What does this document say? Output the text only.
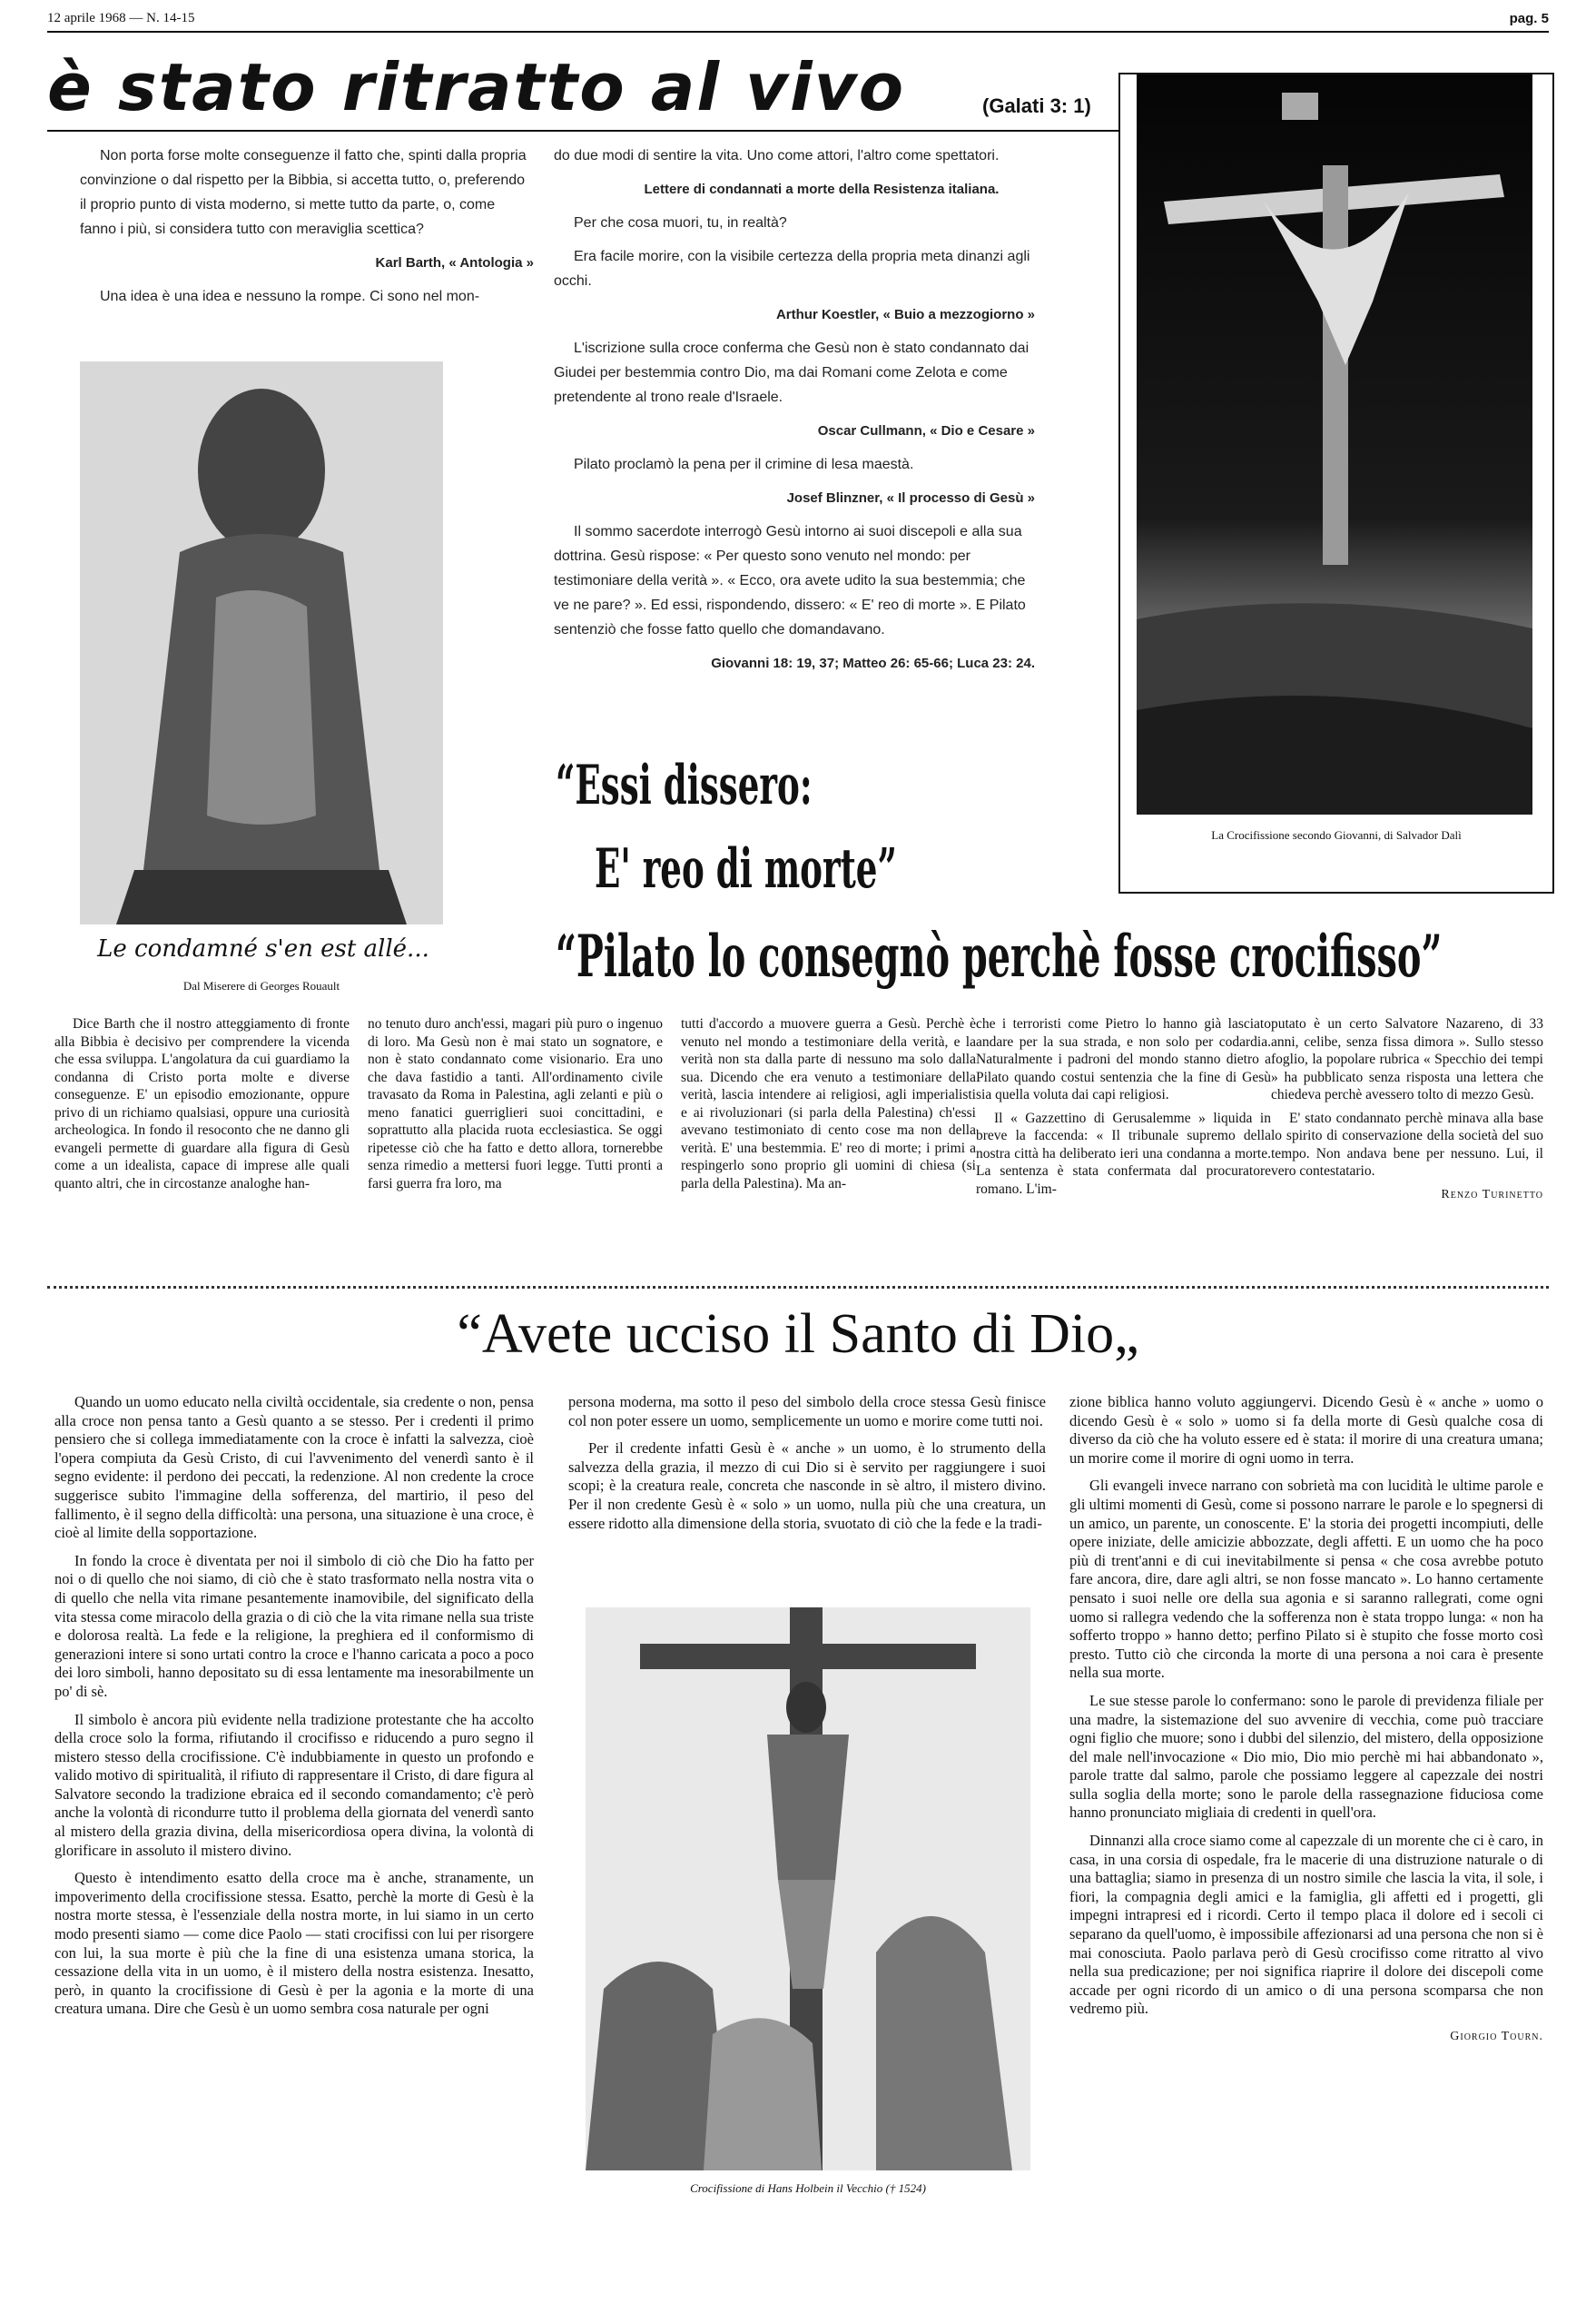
12 aprile 1968 — N. 14-15	pag. 5
è stato ritratto al vivo	(Galati 3: 1)

Non porta forse molte conseguenze il fatto che, spinti dalla propria convinzione o dal rispetto per la Bibbia, si accetta tutto, o, preferendo il proprio punto di vista moderno, si mette tutto da parte, o, come fanno i più, si considera tutto con meraviglia scettica?

Karl Barth, « Antologia »

Una idea è una idea e nessuno la rompe. Ci sono nel mon-

do due modi di sentire la vita. Uno come attori, l'altro come spettatori.

Lettere di condannati a morte della Resistenza italiana.

Per che cosa muori, tu, in realtà?

Era facile morire, con la visibile certezza della propria meta dinanzi agli occhi.

Arthur Koestler, « Buio a mezzogiorno »

L'iscrizione sulla croce conferma che Gesù non è stato condannato dai Giudei per bestemmia contro Dio, ma dai Romani come Zelota e come pretendente al trono reale d'Israele.

Oscar Cullmann, « Dio e Cesare »

Pilato proclamò la pena per il crimine di lesa maestà.

Josef Blinzner, « Il processo di Gesù »

Il sommo sacerdote interrogò Gesù intorno ai suoi discepoli e alla sua dottrina. Gesù rispose: « Per questo sono venuto nel mondo: per testimoniare della verità ». « Ecco, ora avete udito la sua bestemmia; che ve ne pare? ». Ed essi, rispondendo, dissero: « E' reo di morte ». E Pilato sentenziò che fosse fatto quello che domandavano.

Giovanni 18: 19, 37; Matteo 26: 65-66; Luca 23: 24.

Le condamné s'en est allé...
Dal Miserere di Georges Rouault
La Crocifissione secondo Giovanni, di Salvador Dalì
“Essi dissero:
E' reo di morte”
“Pilato lo consegnò perchè fosse crocifisso”

Dice Barth che il nostro atteggiamento di fronte alla Bibbia è decisivo per comprendere la vicenda che essa sviluppa. L'angolatura da cui guardiamo la condanna di Cristo porta molte e diverse conseguenze. E' un episodio emozionante, oppure privo di un richiamo qualsiasi, oppure una curiosità archeologica. In fondo il resoconto che ne danno gli evangeli permette di guardare alla figura di Gesù come a un idealista, capace di imprese alle quali quanto altri, che in circostanze analoghe han-

no tenuto duro anch'essi, magari più puro o ingenuo di loro. Ma Gesù non è mai stato un sognatore, e non è stato condannato come visionario. Era uno che dava fastidio a tanti. All'ordinamento civile travasato da Roma in Palestina, agli zelanti e più o meno fanatici guerriglieri suoi concittadini, e soprattutto alla placida ruota ecclesiastica. Se oggi ripetesse ciò che ha fatto e detto allora, tornerebbe senza rimedio a mettersi fuori legge. Tutti pronti a farsi guerra fra loro, ma

tutti d'accordo a muovere guerra a Gesù. Perchè è venuto nel mondo a testimoniare della verità, e la verità non sta dalla parte di nessuno ma solo dalla sua. Dicendo che era venuto a testimoniare della verità, lascia intendere ai religiosi, agli imperialisti e ai rivoluzionari (si parla della Palestina) ch'essi avevano testimoniato di cento cose ma non della verità. E' una bestemmia. E' reo di morte; i primi a respingerlo sono proprio gli uomini di chiesa (si parla della Palestina). Ma an-

che i terroristi come Pietro lo hanno già lasciato andare per la sua strada, e non solo per codardia. Naturalmente i padroni del mondo stanno dietro a Pilato quando costui sentenzia che la fine di Gesù sia quella voluta dai capi religiosi.

Il « Gazzettino di Gerusalemme » liquida in breve la faccenda: « Il tribunale supremo della nostra città ha deliberato ieri una condanna a morte. La sentenza è stata confermata dal procuratore romano. L'im-

putato è un certo Salvatore Nazareno, di 33 anni, celibe, senza fissa dimora ». Sullo stesso foglio, la popolare rubrica « Specchio dei tempi » ha pubblicato senza risposta una lettera che chiedeva perchè avessero tolto di mezzo Gesù.

E' stato condannato perchè minava alla base lo spirito di conservazione della società del suo tempo. Non andava bene per nessuno. Lui, il vero contestatario.

Renzo Turinetto
“Avete ucciso il Santo di Dio„

Quando un uomo educato nella civiltà occidentale, sia credente o non, pensa alla croce non pensa tanto a Gesù quanto a se stesso. Per i credenti il primo pensiero che si collega immediatamente con la croce è infatti la salvezza, cioè l'opera compiuta da Gesù Cristo, di cui l'avvenimento del venerdì santo è il segno evidente: il perdono dei peccati, la redenzione. Al non credente la croce suggerisce subito l'immagine della sofferenza, del martirio, il peso del fallimento, è il segno della difficoltà: una persona, una situazione è una croce, è cioè al limite della sopportazione.

In fondo la croce è diventata per noi il simbolo di ciò che Dio ha fatto per noi o di quello che noi siamo, di ciò che è stato trasformato nella nostra vita o di quello che nella vita rimane pesantemente inamovibile, del significato della vita stessa come miracolo della grazia o di ciò che la vita rimane nella sua triste e dolorosa realtà. La fede e la religione, la preghiera ed il conformismo di generazioni intere si sono urtati contro la croce e l'hanno caricata a poco a poco dei loro simboli, hanno depositato su di essa lentamente ma inesorabilmente un po' di sè.

Il simbolo è ancora più evidente nella tradizione protestante che ha accolto della croce solo la forma, rifiutando il crocifisso e riducendo a puro segno il mistero stesso della crocifissione. C'è indubbiamente in questo un profondo e valido motivo di spiritualità, il rifiuto di rappresentare il Cristo, di dare figura al Salvatore secondo la tradizione ebraica ed il secondo comandamento; c'è però anche la volontà di ricondurre tutto il problema della giornata del venerdì santo al mistero della grazia divina, della misericordiosa opera divina, la volontà di glorificare in assoluto il mistero divino.

Questo è intendimento esatto della croce ma è anche, stranamente, un impoverimento della crocifissione stessa. Esatto, perchè la morte di Gesù è la nostra morte stessa, è l'essenziale della nostra morte, in lui siamo in un certo modo presenti siamo — come dice Paolo — stati crocifissi con lui per risorgere con lui, la sua morte è più che la fine di una esistenza umana storica, la cessazione della vita in un uomo, è il mistero della nostra esistenza. Inesatto, però, in quanto la crocifissione di Gesù è per la agonia e la morte di una creatura umana. Dire che Gesù è un uomo sembra cosa naturale per ogni

persona moderna, ma sotto il peso del simbolo della croce stessa Gesù finisce col non poter essere un uomo, semplicemente un uomo e morire come tutti noi.

Per il credente infatti Gesù è « anche » un uomo, è lo strumento della salvezza della grazia, il mezzo di cui Dio si è servito per raggiungere i suoi scopi; è la creatura reale, concreta che nasconde in sè altro, il mistero divino. Per il non credente Gesù è « solo » un uomo, nulla più che una creatura, un essere ridotto alla dimensione della storia, svuotato di ciò che la fede e la tradi-

Crocifissione di Hans Holbein il Vecchio († 1524)

zione biblica hanno voluto aggiungervi. Dicendo Gesù è « anche » uomo o dicendo Gesù è « solo » uomo si fa della morte di Gesù qualche cosa di diverso da ciò che ha voluto essere ed è stata: il morire di una creatura umana; un morire come il morire di ogni uomo in terra.

Gli evangeli invece narrano con sobrietà ma con lucidità le ultime parole e gli ultimi momenti di Gesù, come si possono narrare le parole e lo spegnersi di un amico, un parente, un conoscente. E' la storia dei progetti incompiuti, delle opere iniziate, delle amicizie abbozzate, degli affetti. E un uomo che ha poco più di trent'anni e di cui inevitabilmente si pensa « che cosa avrebbe potuto fare ancora, dire, dare agli altri, se non fosse mancato ». Lo hanno certamente pensato i suoi nelle ore della sua agonia e si saranno rallegrati, come ogni uomo si rallegra vedendo che la sofferenza non è stata troppo lunga: « non ha sofferto troppo » hanno detto; perfino Pilato si è stupito che fosse morto così presto. Tutto ciò che circonda la morte di una persona a noi cara è presente nella sua morte.

Le sue stesse parole lo confermano: sono le parole di previdenza filiale per una madre, la sistemazione del suo avvenire di vecchia, come può tracciare ogni figlio che muore; sono i dubbi del silenzio, del mistero, della opposizione del male nell'invocazione « Dio mio, Dio mio perchè mi hai abbandonato », parole tratte dal salmo, parole che possiamo leggere al capezzale dei nostri sulla soglia della morte; sono le parole della rassegnazione fiduciosa come hanno pronunciato migliaia di credenti in quell'ora.

Dinnanzi alla croce siamo come al capezzale di un morente che ci è caro, in casa, in una corsia di ospedale, fra le macerie di una distruzione naturale o di una battaglia; siamo in presenza di un nostro simile che lascia la vita, il sole, i fiori, la compagnia degli amici e la famiglia, gli affetti ed i progetti, gli impegni intrapresi ed i ricordi. Certo il tempo placa il dolore ed i secoli ci separano da quell'uomo, è impossibile affezionarsi ad una persona che non si è mai conosciuta. Paolo parlava però di Gesù crocifisso come ritratto al vivo nella sua predicazione; per noi significa riaprire il dolore dei discepoli come accade per ogni ricordo di un amico o di una persona scomparsa che non vedremo più.

Giorgio Tourn.
